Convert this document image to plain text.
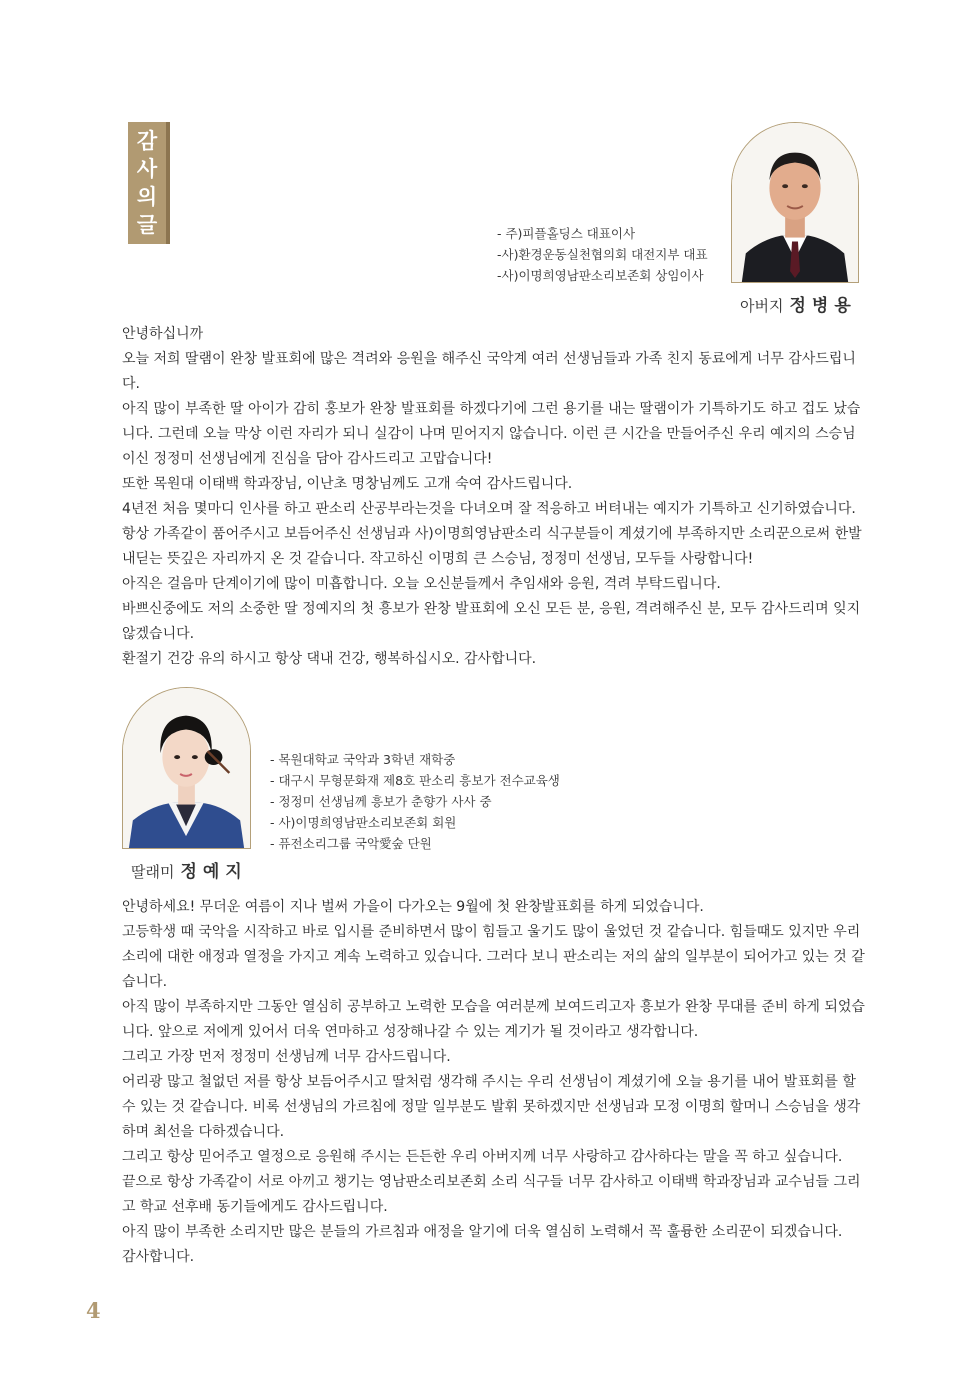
감
사
의
글	- 주)피플홀딩스 대표이사
-사)환경운동실천협의회 대전지부 대표
-사)이명희영남판소리보존회 상임이사
아버지 정병용

안녕하십니까

오늘 저희 딸램이 완창 발표회에 많은 격려와 응원을 해주신 국악계 여러 선생님들과 가족 친지 동료에게 너무 감사드립니다.

아직 많이 부족한 딸 아이가 감히 홍보가 완창 발표회를 하겠다기에 그런 용기를 내는 딸램이가 기특하기도 하고 겁도 났습니다. 그런데 오늘 막상 이런 자리가 되니 실감이 나며 믿어지지 않습니다. 이런 큰 시간을 만들어주신 우리 예지의 스승님이신 정정미 선생님에게 진심을 담아 감사드리고 고맙습니다!

또한 목원대 이태백 학과장님, 이난초 명창님께도 고개 숙여 감사드립니다.

4년전 처음 몇마디 인사를 하고 판소리 산공부라는것을 다녀오며 잘 적응하고 버텨내는 예지가 기특하고 신기하였습니다.

항상 가족같이 품어주시고 보듬어주신 선생님과 사)이명희영남판소리 식구분들이 계셨기에 부족하지만 소리꾼으로써 한발 내딛는 뜻깊은 자리까지 온 것 같습니다. 작고하신 이명희 큰 스승님, 정정미 선생님, 모두들 사랑합니다!

아직은 걸음마 단계이기에 많이 미흡합니다. 오늘 오신분들께서 추임새와 응원, 격려 부탁드립니다.

바쁘신중에도 저의 소중한 딸 정예지의 첫 흥보가 완창 발표회에 오신 모든 분, 응원, 격려해주신 분, 모두 감사드리며 잊지 않겠습니다.

환절기 건강 유의 하시고 항상 댁내 건강, 행복하십시오. 감사합니다.

- 목원대학교 국악과 3학년 재학중
- 대구시 무형문화재 제8호 판소리 흥보가 전수교육생
- 정정미 선생님께 흥보가 춘향가 사사 중
- 사)이명희영남판소리보존회 회원
- 퓨전소리그룹 국악愛숲 단원
딸래미 정예지

안녕하세요! 무더운 여름이 지나 벌써 가을이 다가오는 9월에 첫 완창발표회를 하게 되었습니다.

고등학생 때 국악을 시작하고 바로 입시를 준비하면서 많이 힘들고 울기도 많이 울었던 것 같습니다. 힘들때도 있지만 우리 소리에 대한 애정과 열정을 가지고 계속 노력하고 있습니다. 그러다 보니 판소리는 저의 삶의 일부분이 되어가고 있는 것 같습니다.

아직 많이 부족하지만 그동안 열심히 공부하고 노력한 모습을 여러분께 보여드리고자 흥보가 완창 무대를 준비 하게 되었습니다. 앞으로 저에게 있어서 더욱 연마하고 성장해나갈 수 있는 계기가 될 것이라고 생각합니다.

그리고 가장 먼저 정정미 선생님께 너무 감사드립니다.

어리광 많고 철없던 저를 항상 보듬어주시고 딸처럼 생각해 주시는 우리 선생님이 계셨기에 오늘 용기를 내어 발표회를 할 수 있는 것 같습니다. 비록 선생님의 가르침에 정말 일부분도 발휘 못하겠지만 선생님과 모정 이명희 할머니 스승님을 생각하며 최선을 다하겠습니다.

그리고 항상 믿어주고 열정으로 응원해 주시는 든든한 우리 아버지께 너무 사랑하고 감사하다는 말을 꼭 하고 싶습니다.

끝으로 항상 가족같이 서로 아끼고 챙기는 영남판소리보존회 소리 식구들 너무 감사하고 이태백 학과장님과 교수님들 그리고 학교 선후배 동기들에게도 감사드립니다.

아직 많이 부족한 소리지만 많은 분들의 가르침과 애정을 알기에 더욱 열심히 노력해서 꼭 훌륭한 소리꾼이 되겠습니다.

감사합니다.

4
